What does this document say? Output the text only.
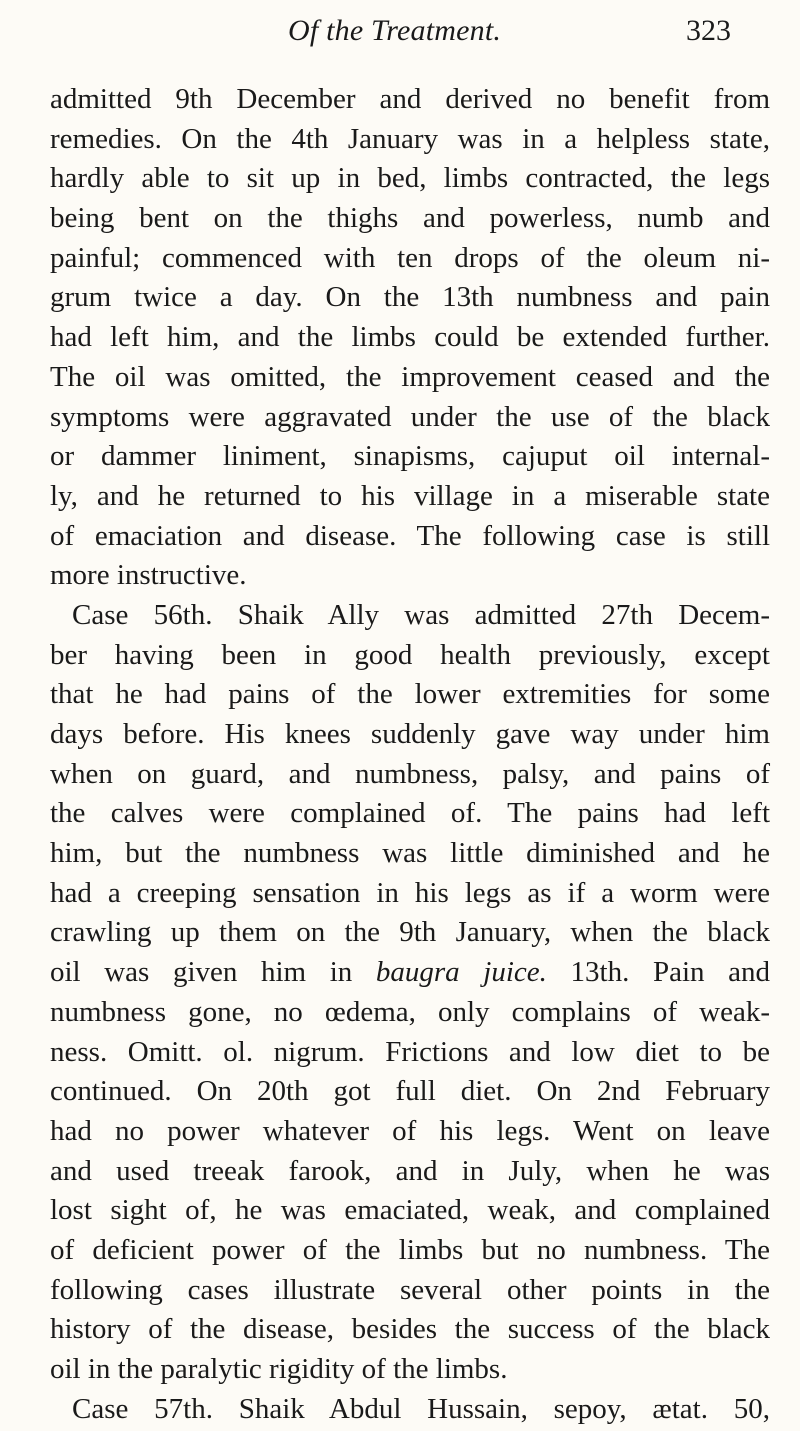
Of the Treatment.	323
admitted 9th December and derived no benefit from
remedies. On the 4th January was in a helpless state,
hardly able to sit up in bed, limbs contracted, the legs
being bent on the thighs and powerless, numb and
painful; commenced with ten drops of the oleum ni-
grum twice a day. On the 13th numbness and pain
had left him, and the limbs could be extended further.
The oil was omitted, the improvement ceased and the
symptoms were aggravated under the use of the black
or dammer liniment, sinapisms, cajuput oil internal-
ly, and he returned to his village in a miserable state
of emaciation and disease. The following case is still
more instructive.
Case 56th. Shaik Ally was admitted 27th Decem-
ber having been in good health previously, except
that he had pains of the lower extremities for some
days before. His knees suddenly gave way under him
when on guard, and numbness, palsy, and pains of
the calves were complained of. The pains had left
him, but the numbness was little diminished and he
had a creeping sensation in his legs as if a worm were
crawling up them on the 9th January, when the black
oil was given him in baugra juice. 13th. Pain and
numbness gone, no œdema, only complains of weak-
ness. Omitt. ol. nigrum. Frictions and low diet to be
continued. On 20th got full diet. On 2nd February
had no power whatever of his legs. Went on leave
and used treeak farook, and in July, when he was
lost sight of, he was emaciated, weak, and complained
of deficient power of the limbs but no numbness. The
following cases illustrate several other points in the
history of the disease, besides the success of the black
oil in the paralytic rigidity of the limbs.
Case 57th. Shaik Abdul Hussain, sepoy, ætat. 50,
